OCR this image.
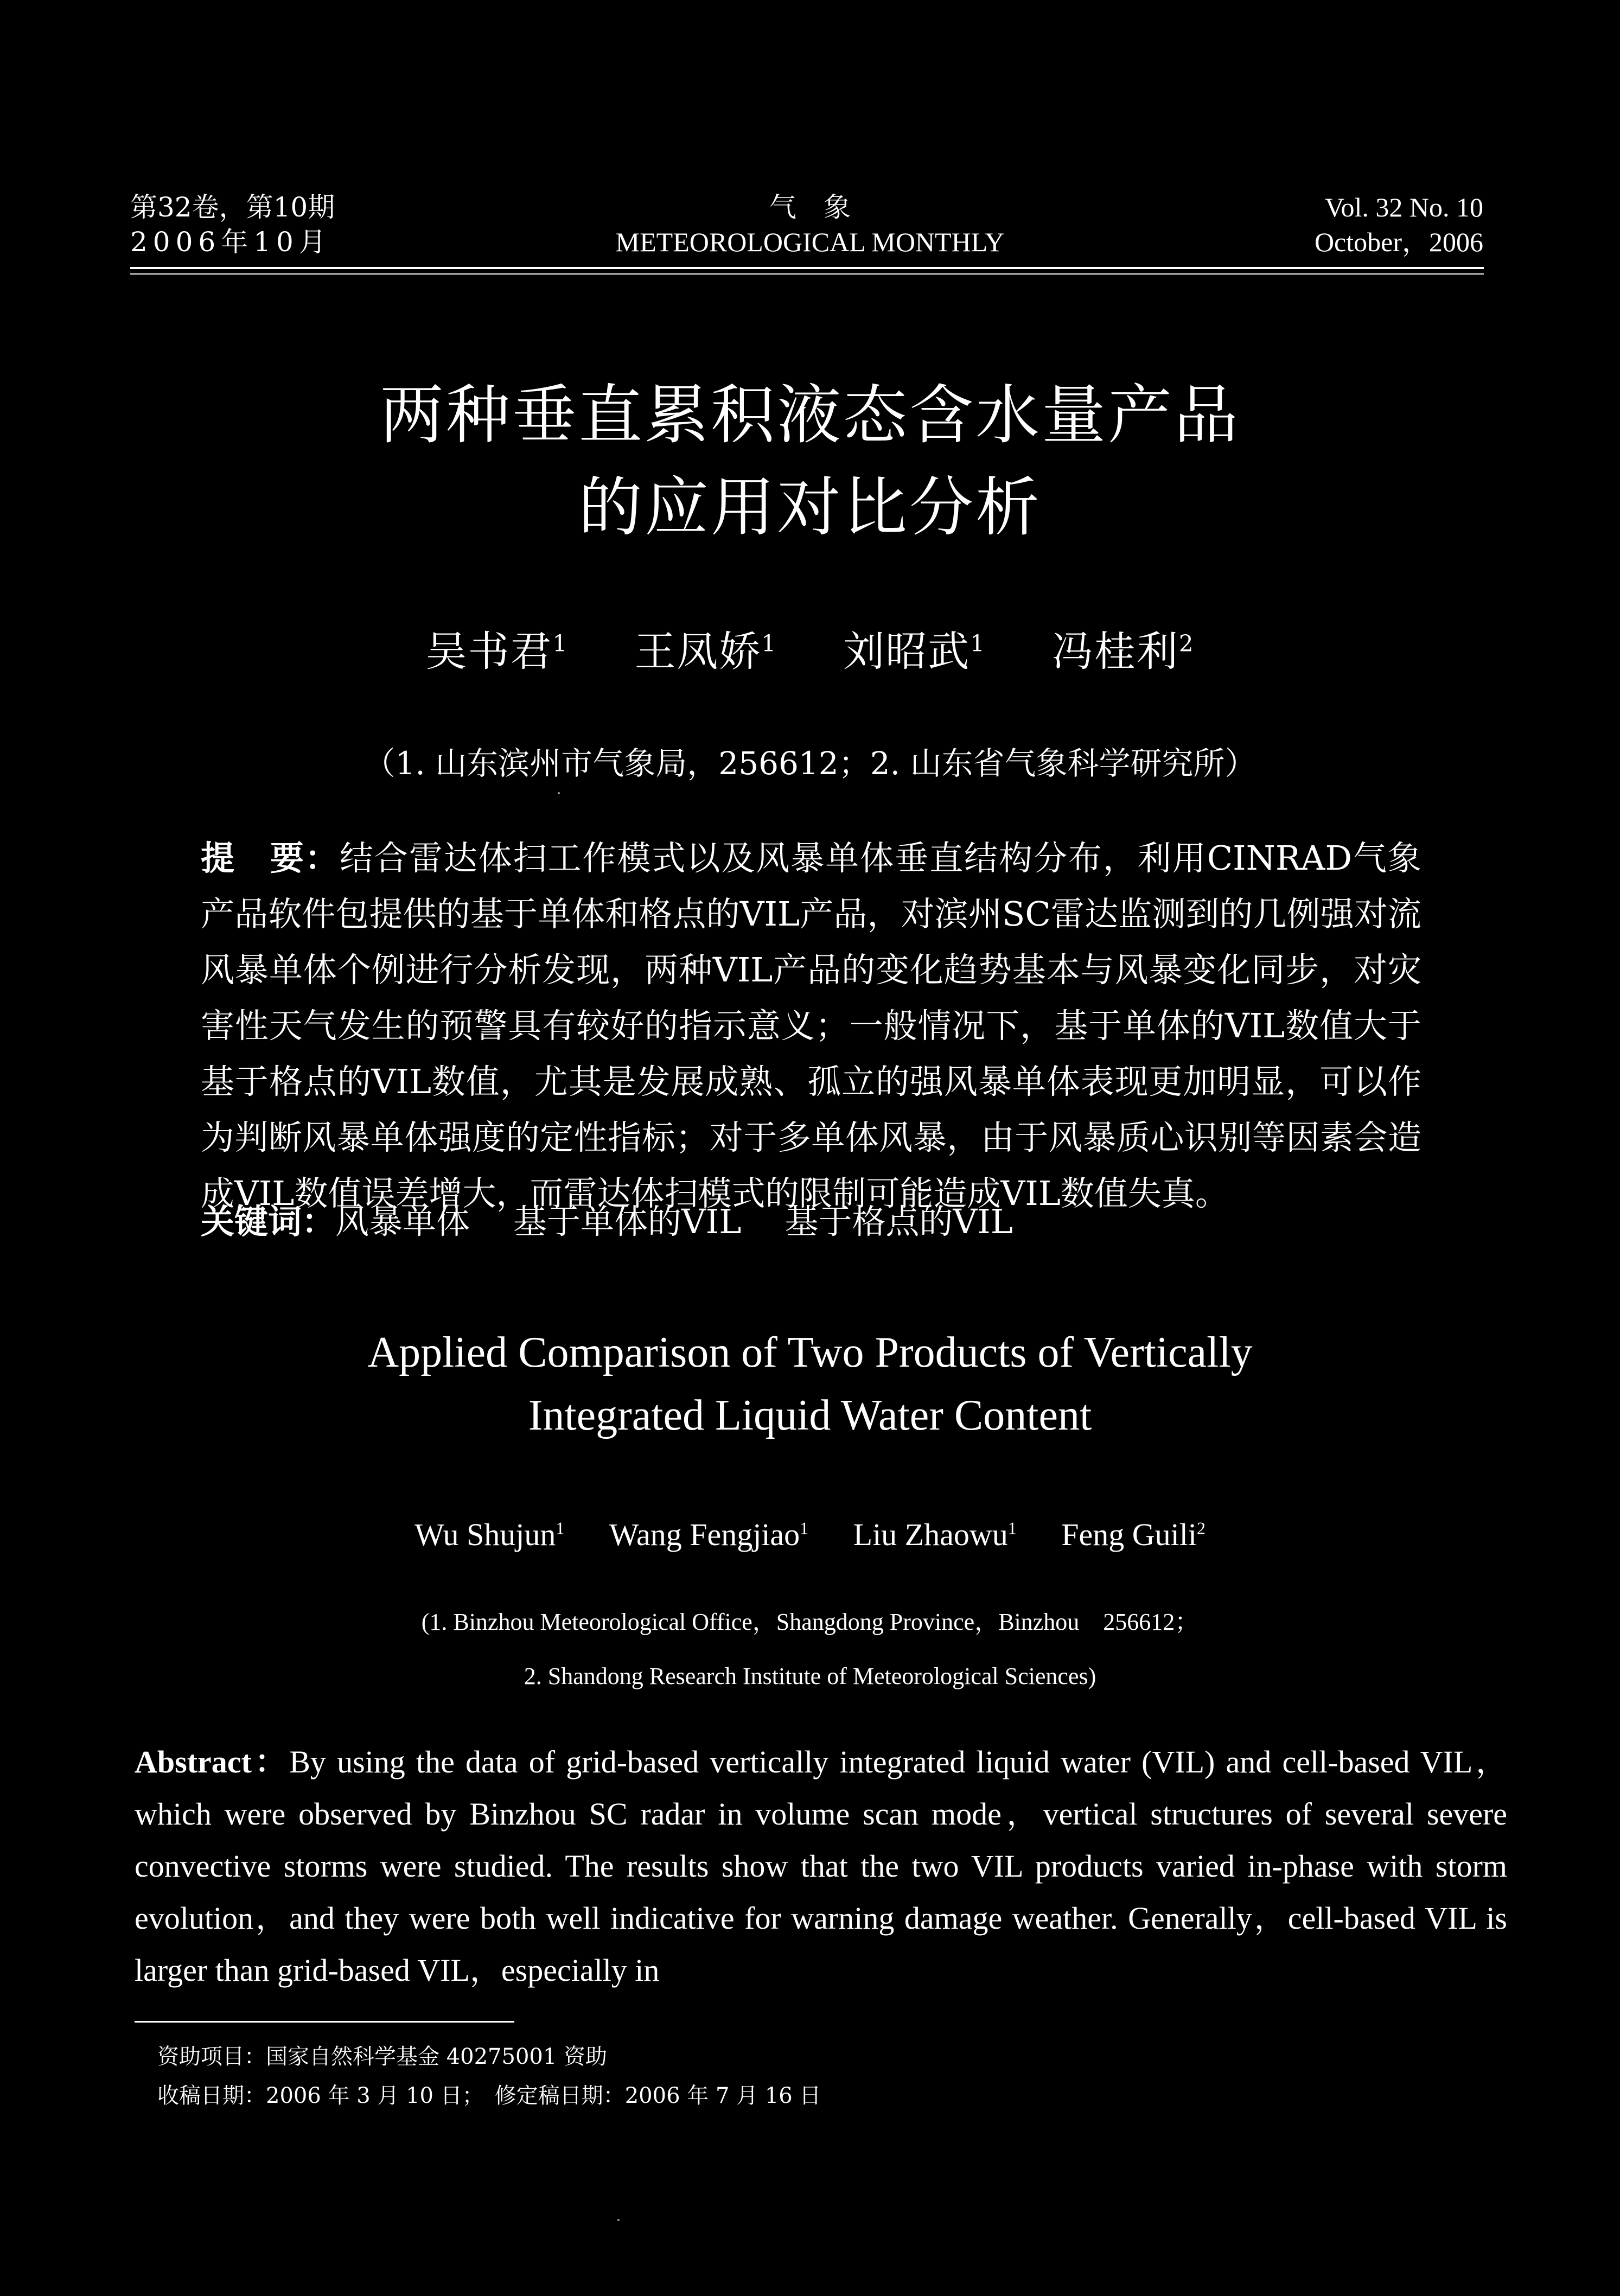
第32卷，第10期
2006年10月
气　象
METEOROLOGICAL MONTHLY
Vol. 32 No. 10
October，2006
两种垂直累积液态含水量产品
的应用对比分析
吴书君$^1$ 王凤娇$^1$ 刘昭武$^1$ 冯桂利$^2$
（1. 山东滨州市气象局，256612；2. 山东省气象科学研究所）
提　要：结合雷达体扫工作模式以及风暴单体垂直结构分布，利用CINRAD气象产品软件包提供的基于单体和格点的VIL产品，对滨州SC雷达监测到的几例强对流风暴单体个例进行分析发现，两种VIL产品的变化趋势基本与风暴变化同步，对灾害性天气发生的预警具有较好的指示意义；一般情况下，基于单体的VIL数值大于基于格点的VIL数值，尤其是发展成熟、孤立的强风暴单体表现更加明显，可以作为判断风暴单体强度的定性指标；对于多单体风暴，由于风暴质心识别等因素会造成VIL数值误差增大，而雷达体扫模式的限制可能造成VIL数值失真。
关键词：风暴单体 基于单体的VIL 基于格点的VIL
Applied Comparison of Two Products of Vertically
Integrated Liquid Water Content
Wu Shujun$^1$ Wang Fengjiao$^1$ Liu Zhaowu$^1$ Feng Guili$^2$
(1. Binzhou Meteorological Office，Shangdong Province，Binzhou　256612；
2. Shandong Research Institute of Meteorological Sciences)
Abstract：By using the data of grid-based vertically integrated liquid water (VIL) and cell-based VIL，which were observed by Binzhou SC radar in volume scan mode，vertical structures of several severe convective storms were studied. The results show that the two VIL products varied in-phase with storm evolution，and they were both well indicative for warning damage weather. Generally，cell-based VIL is larger than grid-based VIL，especially in
资助项目：国家自然科学基金 40275001 资助
收稿日期：2006 年 3 月 10 日；　修定稿日期：2006 年 7 月 16 日
